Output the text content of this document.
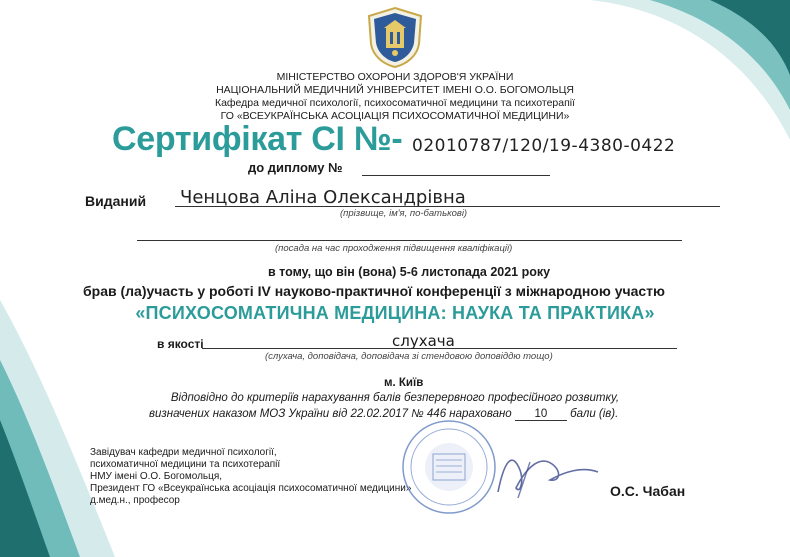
МІНІСТЕРСТВО ОХОРОНИ ЗДОРОВ'Я УКРАЇНИ
НАЦІОНАЛЬНИЙ МЕДИЧНИЙ УНІВЕРСИТЕТ ІМЕНІ О.О. БОГОМОЛЬЦЯ
Кафедра медичної психології, психосоматичної медицини та психотерапії
ГО «ВСЕУКРАЇНСЬКА АСОЦІАЦІЯ ПСИХОСОМАТИЧНОЇ МЕДИЦИНИ»
Сертифікат СІ №- 02010787/120/19-4380-0422
до диплому №
Виданий Ченцова Аліна Олександрівна
(прізвище, ім'я, по-батькові)
(посада на час проходження підвищення кваліфікації)
в тому, що він (вона) 5-6 листопада 2021 року
брав (ла)участь у роботі IV науково-практичної конференції з міжнародною участю
«ПСИХОСОМАТИЧНА МЕДИЦИНА: НАУКА ТА ПРАКТИКА»
в якості	слухача
(слухача, доповідача, доповідача зі стендовою доповіддю тощо)
м. Київ
Відповідно до критеріїв нарахування балів безперервного професійного розвитку,
визначених наказом МОЗ України від 22.02.2017 № 446 нараховано 10 бали (ів).
Завідувач кафедри медичної психології,
психоматичної медицини та психотерапії
НМУ імені О.О. Богомольця,
Президент ГО «Всеукраїнська асоціація психосоматичної медицини»
д.мед.н., професор
О.С. Чабан
